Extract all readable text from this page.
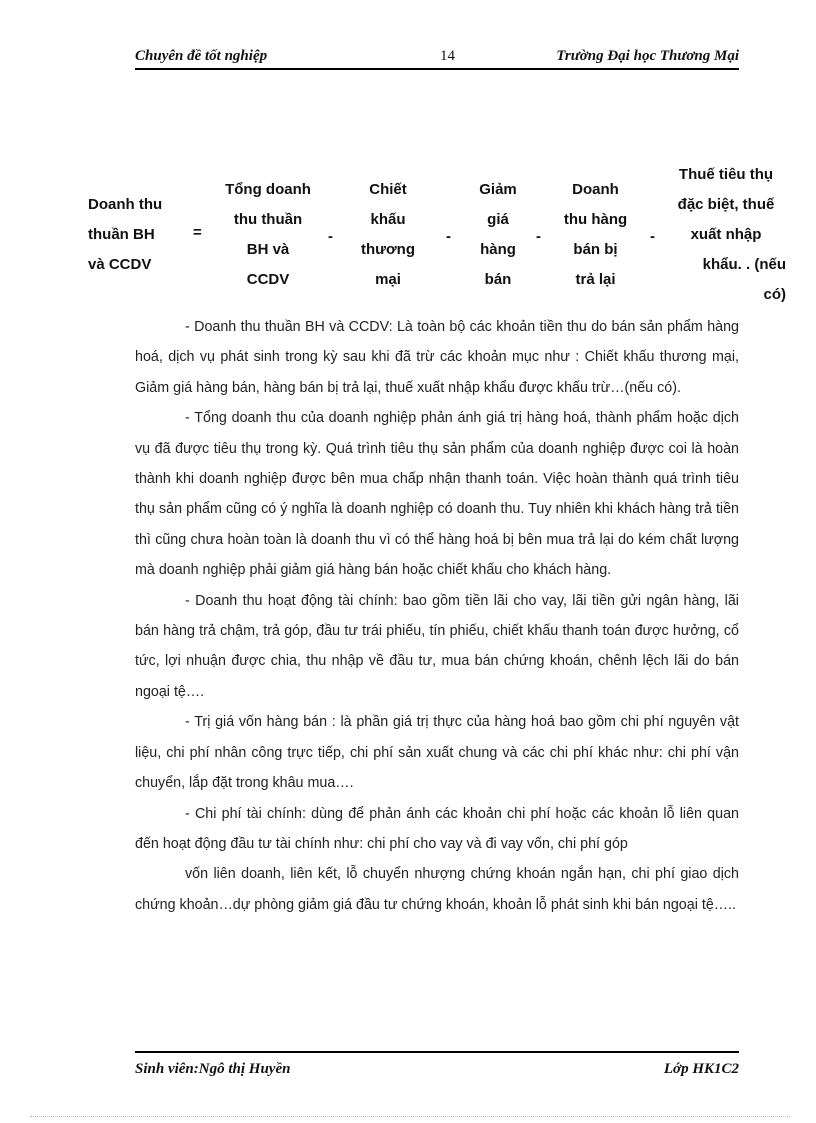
Chuyên đề tốt nghiệp	14	Trường Đại học Thương Mại
Doanh thu
thuần BH
và CCDV
=
Tổng doanh
thu thuần
BH và
CCDV
-
Chiết
khấu
thương
mại
-
Giảm
giá
hàng
bán
-
Doanh
thu hàng
bán bị
trả lại
-
Thuế tiêu thụ
đặc biệt, thuế
xuất nhập
khẩu. . (nếu
có)

- Doanh thu thuần BH và CCDV: Là toàn bộ các khoản tiền thu do bán sản phẩm hàng hoá, dịch vụ phát sinh trong kỳ sau khi đã trừ các khoản mục như : Chiết khấu thương mại, Giảm giá hàng bán, hàng bán bị trả lại, thuế xuất nhập khẩu được khấu trừ…(nếu có).

- Tổng doanh thu của doanh nghiệp phản ánh giá trị hàng hoá, thành phẩm hoặc dịch vụ đã được tiêu thụ trong kỳ. Quá trình tiêu thụ sản phẩm của doanh nghiệp được coi là hoàn thành khi doanh nghiệp được bên mua chấp nhận thanh toán. Việc hoàn thành quá trình tiêu thụ sản phẩm cũng có ý nghĩa là doanh nghiệp có doanh thu. Tuy nhiên khi khách hàng trả tiền thì cũng chưa hoàn toàn là doanh thu vì có thể hàng hoá bị bên mua trả lại do kém chất lượng mà doanh nghiệp phải giảm giá hàng bán hoặc chiết khấu cho khách hàng.

- Doanh thu hoạt động tài chính: bao gồm tiền lãi cho vay, lãi tiền gửi ngân hàng, lãi bán hàng trả chậm, trả góp, đầu tư trái phiếu, tín phiếu, chiết khấu thanh toán được hưởng, cổ tức, lợi nhuận được chia, thu nhập về đầu tư, mua bán chứng khoán, chênh lệch lãi do bán ngoại tệ….

- Trị giá vốn hàng bán : là phần giá trị thực của hàng hoá bao gồm chi phí nguyên vật liệu, chi phí nhân công trực tiếp, chi phí sản xuất chung và các chi phí khác như: chi phí vận chuyển, lắp đặt trong khâu mua….

- Chi phí tài chính: dùng để phản ánh các khoản chi phí hoặc các khoản lỗ liên quan đến hoạt động đầu tư tài chính như: chi phí cho vay và đi vay vốn, chi phí góp

vốn liên doanh, liên kết, lỗ chuyển nhượng chứng khoán ngắn hạn, chi phí giao dịch chứng khoản…dự phòng giảm giá đầu tư chứng khoán, khoản lỗ phát sinh khi bán ngoại tệ…..

Sinh viên:Ngô thị Huyền	Lớp HK1C2
